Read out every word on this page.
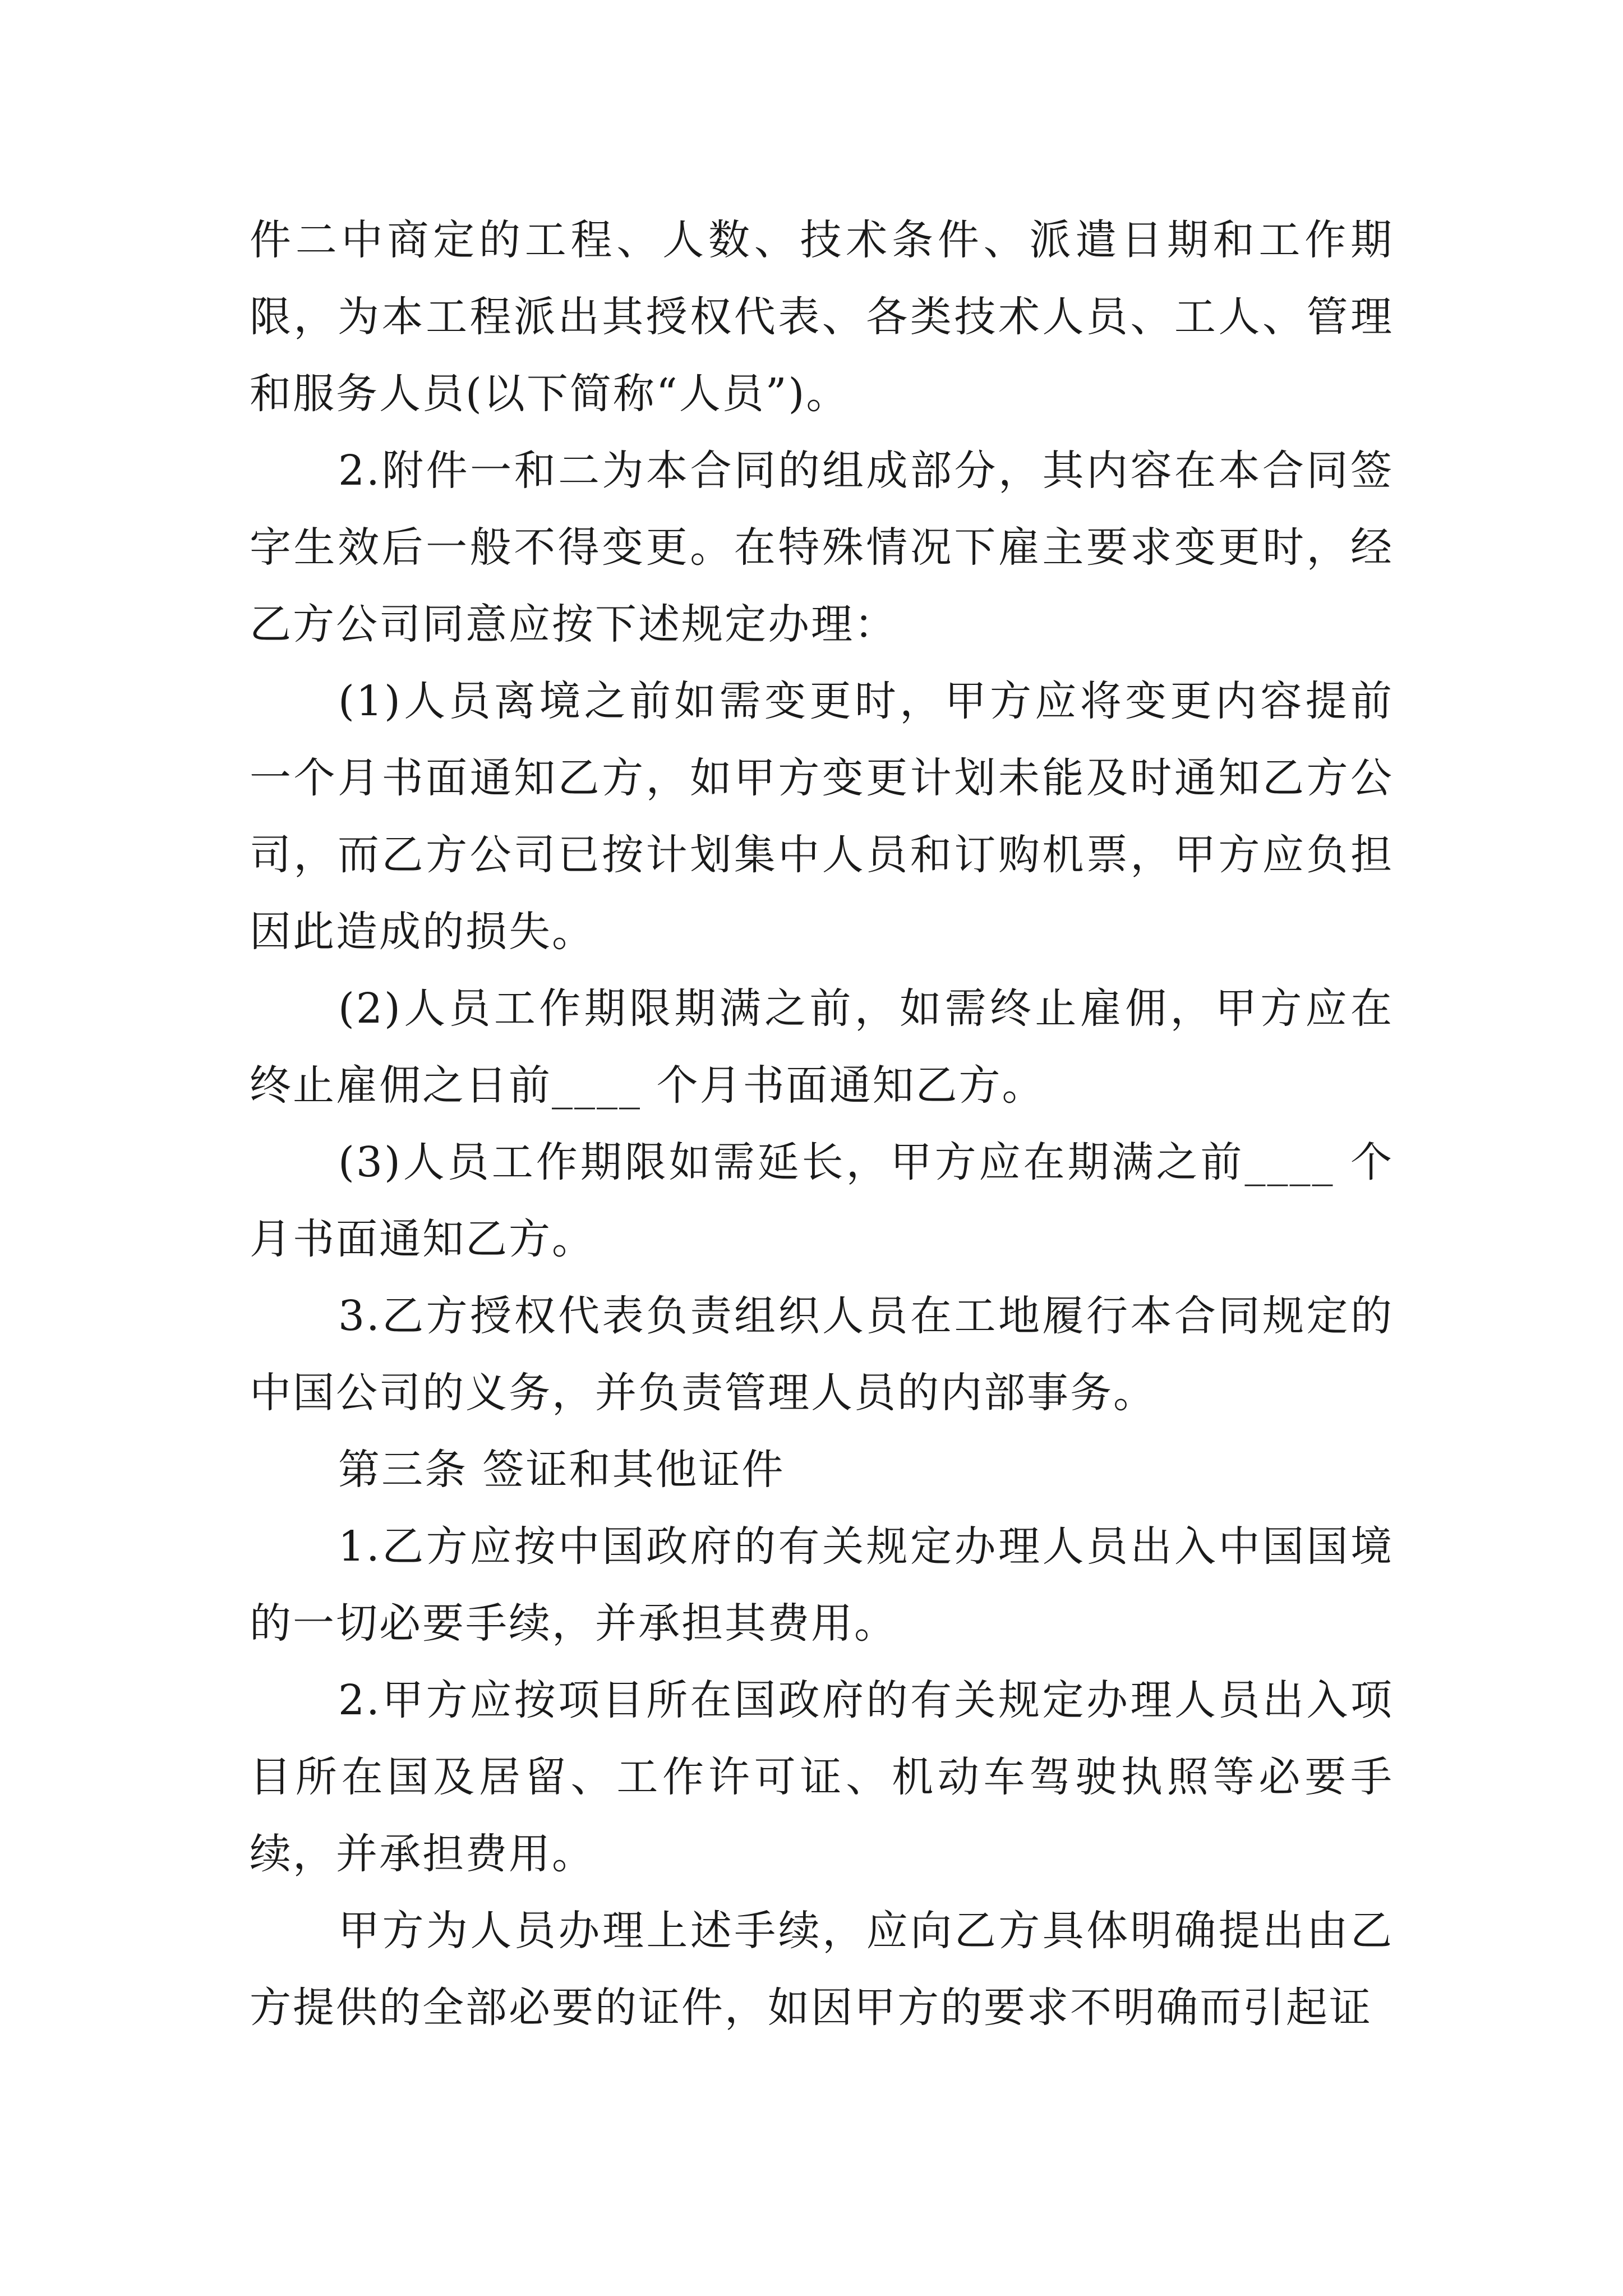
件二中商定的工程、人数、技术条件、派遣日期和工作期限，为本工程派出其授权代表、各类技术人员、工人、管理和服务人员(以下简称“人员”)。

2.附件一和二为本合同的组成部分，其内容在本合同签字生效后一般不得变更。在特殊情况下雇主要求变更时，经乙方公司同意应按下述规定办理：

(1)人员离境之前如需变更时，甲方应将变更内容提前一个月书面通知乙方，如甲方变更计划未能及时通知乙方公司，而乙方公司已按计划集中人员和订购机票，甲方应负担因此造成的损失。

(2)人员工作期限期满之前，如需终止雇佣，甲方应在终止雇佣之日前____ 个月书面通知乙方。

(3)人员工作期限如需延长，甲方应在期满之前____ 个月书面通知乙方。

3.乙方授权代表负责组织人员在工地履行本合同规定的中国公司的义务，并负责管理人员的内部事务。

第三条 签证和其他证件

1.乙方应按中国政府的有关规定办理人员出入中国国境的一切必要手续，并承担其费用。

2.甲方应按项目所在国政府的有关规定办理人员出入项目所在国及居留、工作许可证、机动车驾驶执照等必要手续，并承担费用。

甲方为人员办理上述手续，应向乙方具体明确提出由乙方提供的全部必要的证件，如因甲方的要求不明确而引起证
